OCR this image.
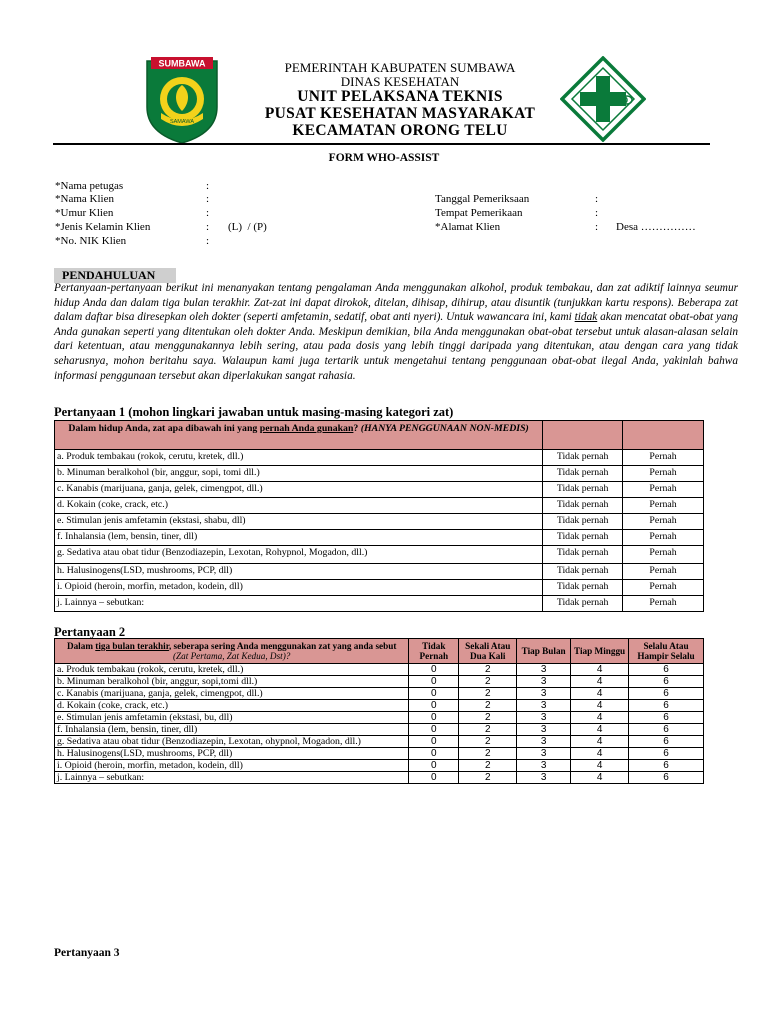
SUMBAWA
SAMAWA
PEMERINTAH KABUPATEN SUMBAWA
DINAS KESEHATAN
UNIT PELAKSANA TEKNIS
PUSAT KESEHATAN MASYARAKAT
KECAMATAN ORONG TELU
FORM WHO-ASSIST
*Nama petugas	:
*Nama Klien	:
*Umur Klien	:
*Jenis Kelamin Klien	: (L)  / (P)
*No. NIK Klien	:
Tanggal Pemeriksaan	:
Tempat Pemerikaan	:
*Alamat Klien	: Desa ……………
PENDAHULUAN
Pertanyaan-pertanyaan berikut ini menanyakan tentang pengalaman Anda menggunakan alkohol, produk tembakau, dan zat adiktif lainnya seumur hidup Anda dan dalam tiga bulan terakhir. Zat-zat ini dapat dirokok, ditelan, dihisap, dihirup, atau disuntik (tunjukkan kartu respons). Beberapa zat dalam daftar bisa diresepkan oleh dokter (seperti amfetamin, sedatif, obat anti nyeri). Untuk wawancara ini, kami tidak akan mencatat obat-obat yang Anda gunakan seperti yang ditentukan oleh dokter Anda. Meskipun demikian, bila Anda menggunakan obat-obat tersebut untuk alasan-alasan selain dari ketentuan, atau menggunakannya lebih sering, atau pada dosis yang lebih tinggi daripada yang ditentukan, atau dengan cara yang tidak seharusnya, mohon beritahu saya. Walaupun kami juga tertarik untuk mengetahui tentang penggunaan obat-obat ilegal Anda, yakinlah bahwa informasi penggunaan tersebut akan diperlakukan sangat rahasia.
Pertanyaan 1 (mohon lingkari jawaban untuk masing-masing kategori zat)
Dalam hidup Anda, zat apa dibawah ini yang pernah Anda gunakan? (HANYA PENGGUNAAN NON-MEDIS)		
a. Produk tembakau (rokok, cerutu, kretek, dll.)	Tidak pernah	Pernah
b. Minuman beralkohol (bir, anggur, sopi, tomi dll.)	Tidak pernah	Pernah
c. Kanabis (marijuana, ganja, gelek, cimengpot, dll.)	Tidak pernah	Pernah
d. Kokain (coke, crack, etc.)	Tidak pernah	Pernah
e. Stimulan jenis amfetamin (ekstasi, shabu, dll)	Tidak pernah	Pernah
f. Inhalansia (lem, bensin, tiner, dll)	Tidak pernah	Pernah
g. Sedativa atau obat tidur (Benzodiazepin, Lexotan, Rohypnol, Mogadon, dll.)	Tidak pernah	Pernah
h. Halusinogens(LSD, mushrooms, PCP, dll)	Tidak pernah	Pernah
i. Opioid (heroin, morfin, metadon, kodein, dll)	Tidak pernah	Pernah
j. Lainnya – sebutkan:	Tidak pernah	Pernah
Pertanyaan 2
Dalam tiga bulan terakhir, seberapa sering Anda menggunakan zat yang anda sebut
(Zat Pertama, Zat Kedua, Dst)?	Tidak Pernah	Sekali Atau Dua Kali	Tiap Bulan	Tiap Minggu	Selalu Atau Hampir Selalu
a. Produk tembakau (rokok, cerutu, kretek, dll.)	0	2	3	4	6
b. Minuman beralkohol (bir, anggur, sopi,tomi dll.)	0	2	3	4	6
c. Kanabis (marijuana, ganja, gelek, cimengpot, dll.)	0	2	3	4	6
d. Kokain (coke, crack, etc.)	0	2	3	4	6
e. Stimulan jenis amfetamin (ekstasi, bu, dll)	0	2	3	4	6
f. Inhalansia (lem, bensin, tiner, dll)	0	2	3	4	6
g. Sedativa atau obat tidur (Benzodiazepin, Lexotan, ohypnol, Mogadon, dll.)	0	2	3	4	6
h. Halusinogens(LSD, mushrooms, PCP, dll)	0	2	3	4	6
i. Opioid (heroin, morfin, metadon, kodein, dll)	0	2	3	4	6
j. Lainnya – sebutkan:	0	2	3	4	6
Pertanyaan 3
